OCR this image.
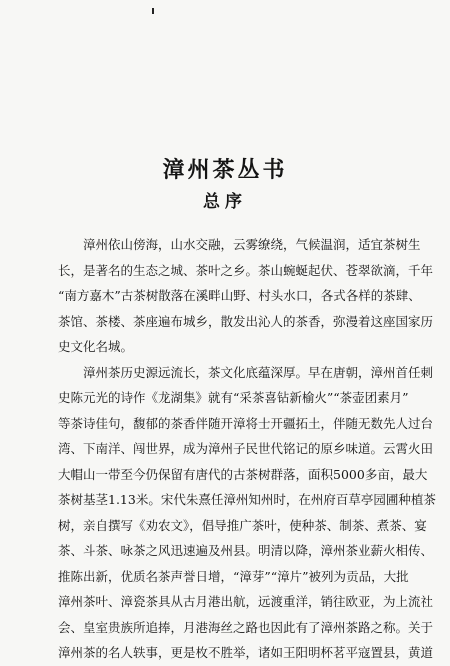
漳州茶丛书
总序
　　漳州依山傍海，山水交融，云雾缭绕，气候温润，适宜茶树生
长，是著名的生态之城、茶叶之乡。茶山蜿蜒起伏、苍翠欲滴，千年
“南方嘉木”古茶树散落在溪畔山野、村头水口，各式各样的茶肆、
茶馆、茶楼、茶座遍布城乡，散发出沁人的茶香，弥漫着这座国家历
史文化名城。
　　漳州茶历史源远流长，茶文化底蕴深厚。早在唐朝，漳州首任刺
史陈元光的诗作《龙湖集》就有“采茶喜钻新榆火”“茶壶团素月”
等茶诗佳句，馥郁的茶香伴随开漳将士开疆拓土，伴随无数先人过台
湾、下南洋、闯世界，成为漳州子民世代铭记的原乡味道。云霄火田
大帽山一带至今仍保留有唐代的古茶树群落，面积5000多亩，最大
茶树基茎1.13米。宋代朱熹任漳州知州时，在州府百草亭园圃种植茶
树，亲自撰写《劝农文》，倡导推广茶叶，使种茶、制茶、煮茶、宴
茶、斗茶、咏茶之风迅速遍及州县。明清以降，漳州茶业薪火相传、
推陈出新，优质名茶声誉日增，“漳芽”“漳片”被列为贡品，大批
漳州茶叶、漳瓷茶具从古月港出航，远渡重洋，销往欧亚，为上流社
会、皇室贵族所追捧，月港海丝之路也因此有了漳州茶路之称。关于
漳州茶的名人轶事，更是枚不胜举，诸如王阳明杯茗平寇置县，黄道
